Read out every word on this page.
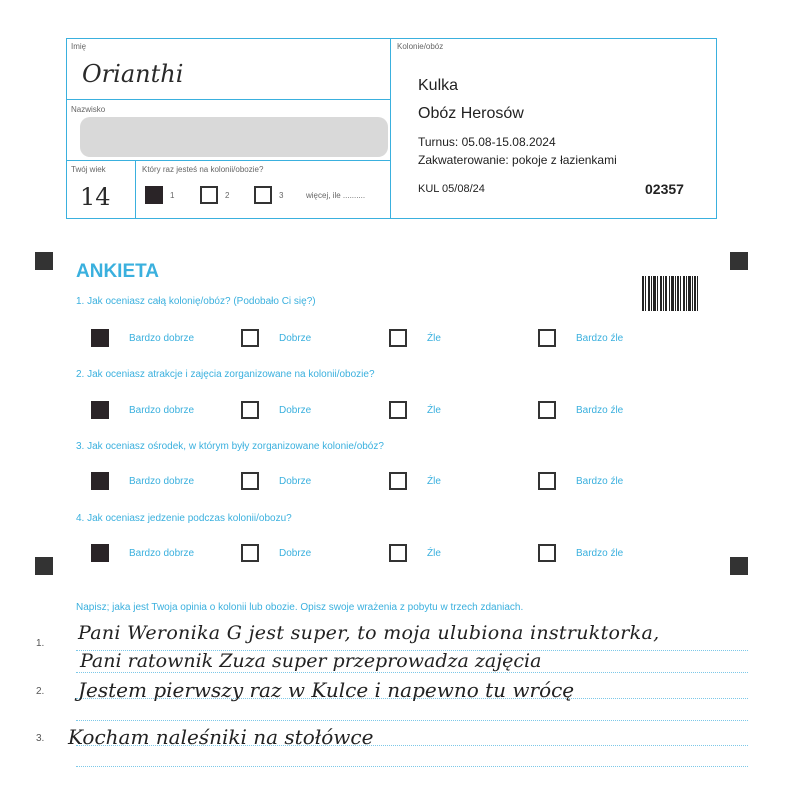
Imię
Orianthi
Nazwisko
Twój wiek
14
Który raz jesteś na kolonii/obozie?
1	2	3	więcej, ile ..........
Kolonie/obóz
Kulka
Obóz Herosów
Turnus: 05.08-15.08.2024
Zakwaterowanie: pokoje z łazienkami
KUL 05/08/24	02357
ANKIETA
1. Jak oceniasz całą kolonię/obóz? (Podobało Ci się?)
2. Jak oceniasz atrakcje i zajęcia zorganizowane na kolonii/obozie?
3. Jak oceniasz ośrodek, w którym były zorganizowane kolonie/obóz?
4. Jak oceniasz jedzenie podczas kolonii/obozu?
Bardzo dobrze	Dobrze	Źle	Bardzo źle
Bardzo dobrze	Dobrze	Źle	Bardzo źle
Bardzo dobrze	Dobrze	Źle	Bardzo źle
Bardzo dobrze	Dobrze	Źle	Bardzo źle
Napisz; jaka jest Twoja opinia o kolonii lub obozie. Opisz swoje wrażenia z pobytu w trzech zdaniach.
1.
2.
3.
Pani Weronika G jest super, to moja ulubiona instruktorka,
Pani ratownik Zuza super przeprowadza zajęcia
Jestem pierwszy raz w Kulce i napewno tu wrócę
Kocham naleśniki na stołówce
